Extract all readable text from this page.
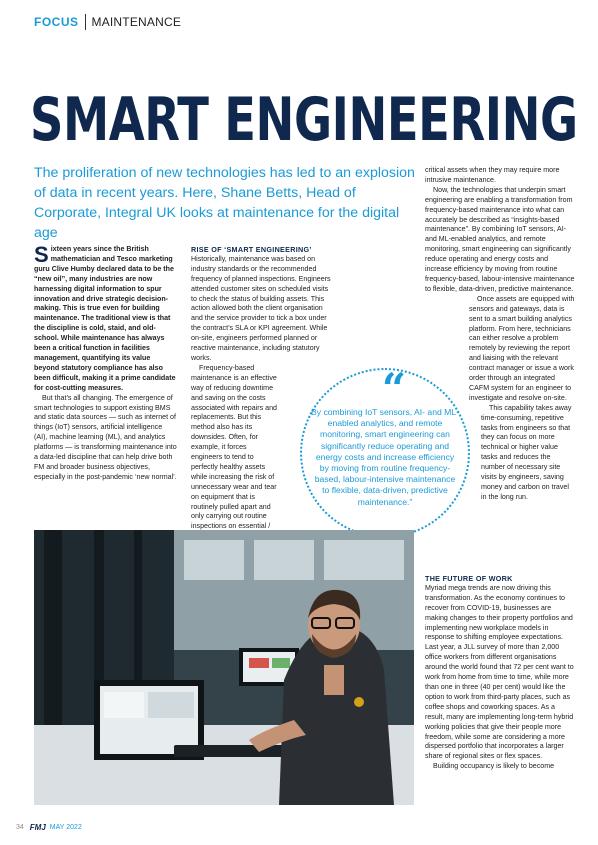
FOCUS MAINTENANCE
SMART ENGINEERING

The proliferation of new technologies has led to an explosion of data in recent years. Here, Shane Betts, Head of Corporate, Integral UK looks at maintenance for the digital age

Sixteen years since the British mathematician and Tesco marketing guru Clive Humby declared data to be the “new oil”, many industries are now harnessing digital information to spur innovation and drive strategic decision-making. This is true even for building maintenance. The traditional view is that the discipline is cold, staid, and old-school. While maintenance has always been a critical function in facilities management, quantifying its value beyond statutory compliance has also been difficult, making it a prime candidate for cost-cutting measures.

But that’s all changing. The emergence of smart technologies to support existing BMS and static data sources — such as internet of things (IoT) sensors, artificial intelligence (AI), machine learning (ML), and analytics platforms — is transforming maintenance into a data-led discipline that can help drive both FM and broader business objectives, especially in the post-pandemic ‘new normal’.

RISE OF ‘SMART ENGINEERING’

Historically, maintenance was based on industry standards or the recommended frequency of planned inspections. Engineers attended customer sites on scheduled visits to check the status of building assets. This action allowed both the client organisation and the service provider to tick a box under the contract’s SLA or KPI agreement. While on-site, engineers performed planned or reactive maintenance, including statutory works.

Frequency-based maintenance is an effective way of reducing downtime and saving on the costs associated with repairs and replacements. But this method also has its downsides. Often, for example, it forces engineers to tend to perfectly healthy assets while increasing the risk of unnecessary wear and tear on equipment that is routinely pulled apart and only carrying out routine inspections on essential /

critical assets when they may require more intrusive maintenance.

Now, the technologies that underpin smart engineering are enabling a transformation from frequency-based maintenance into what can accurately be described as “insights-based maintenance”. By combining IoT sensors, AI- and ML-enabled analytics, and remote monitoring, smart engineering can significantly reduce operating and energy costs and increase efficiency by moving from routine frequency-based, labour-intensive maintenance to flexible, data-driven, predictive maintenance.

Once assets are equipped with sensors and gateways, data is sent to a smart building analytics platform. From here, technicians can either resolve a problem remotely by reviewing the report and liaising with the relevant contract manager or issue a work order through an integrated CAFM system for an engineer to investigate and resolve on-site.

This capability takes away time-consuming, repetitive tasks from engineers so that they can focus on more technical or higher value tasks and reduces the number of necessary site visits by engineers, saving money and carbon on travel in the long run.

“

By combining IoT sensors, AI- and ML-enabled analytics, and remote monitoring, smart engineering can significantly reduce operating and energy costs and increase efficiency by moving from routine frequency-based, labour-intensive maintenance to flexible, data-driven, predictive maintenance.”

THE FUTURE OF WORK

Myriad mega trends are now driving this transformation. As the economy continues to recover from COVID-19, businesses are making changes to their property portfolios and implementing new workplace models in response to shifting employee expectations. Last year, a JLL survey of more than 2,000 office workers from different organisations around the world found that 72 per cent want to work from home from time to time, while more than one in three (40 per cent) would like the option to work from third-party places, such as coffee shops and coworking spaces. As a result, many are implementing long-term hybrid working policies that give their people more freedom, while some are considering a more dispersed portfolio that incorporates a larger share of regional sites or flex spaces.

Building occupancy is likely to become

34 FMJ MAY 2022
